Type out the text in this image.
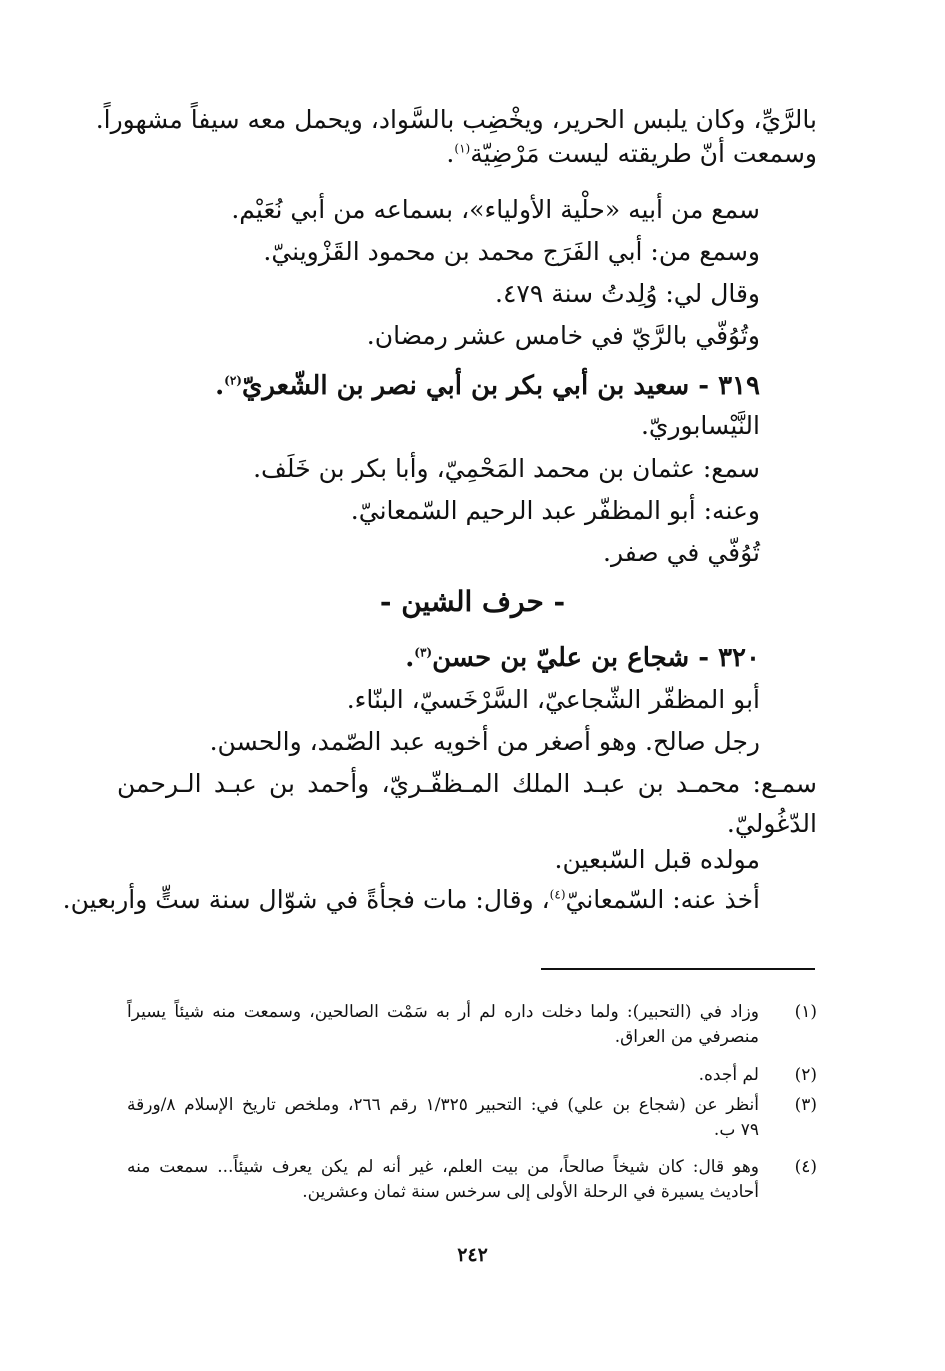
بالرَّيِّ، وكان يلبس الحرير، ويخْضِب بالسَّواد، ويحمل معه سيفاً مشهوراً.

وسمعت أنّ طريقته ليست مَرْضِيّة$^{(١)}$.

سمع من أبيه «حلْية الأولياء»، بسماعه من أبي نُعَيْم.

وسمع من: أبي الفَرَج محمد بن محمود القَزْوينيّ.

وقال لي: وُلِدتُ سنة ٤٧٩.

وتُوُفّي بالرَّيّ في خامس عشر رمضان.

٣١٩ - سعيد بن أبي بكر بن أبي نصر بن الشّعريّ$^{(٢)}$.

النَّيْسابوريّ.

سمع: عثمان بن محمد المَحْمِيّ، وأبا بكر بن خَلَف.

وعنه: أبو المظفّر عبد الرحيم السّمعانيّ.

تُوُفّي في صفر.

- حرف الشين -

٣٢٠ - شجاع بن عليّ بن حسن$^{(٣)}$.

أبو المظفّر الشّجاعيّ، السَّرْخَسيّ، البنّاء.

رجل صالح. وهو أصغر من أخويه عبد الصّمد، والحسن.

سمـع: محمـد بن عبـد الملك المـظفّـريّ، وأحمد بن عبـد الـرحمن

الدّغُوليّ.

مولده قبل السّبعين.

أخذ عنه: السّمعانيّ$^{(٤)}$، وقال: مات فجأةً في شوّال سنة ستٍّ وأربعين.

(١)
وزاد في (التحبير): ولما دخلت داره لم أر به سَمْت الصالحين، وسمعت منه شيئاً يسيراً
منصرفي من العراق.
(٢)
لم أجده.
(٣)
أنظر عن (شجاع بن علي) في: التحبير ١/٣٢٥ رقم ٢٦٦، وملخص تاريخ الإسلام ٨/ورقة
٧٩ ب.
(٤)
وهو قال: كان شيخاً صالحاً، من بيت العلم، غير أنه لم يكن يعرف شيئاً... سمعت منه
أحاديث يسيرة في الرحلة الأولى إلى سرخس سنة ثمان وعشرين.
٢٤٢
